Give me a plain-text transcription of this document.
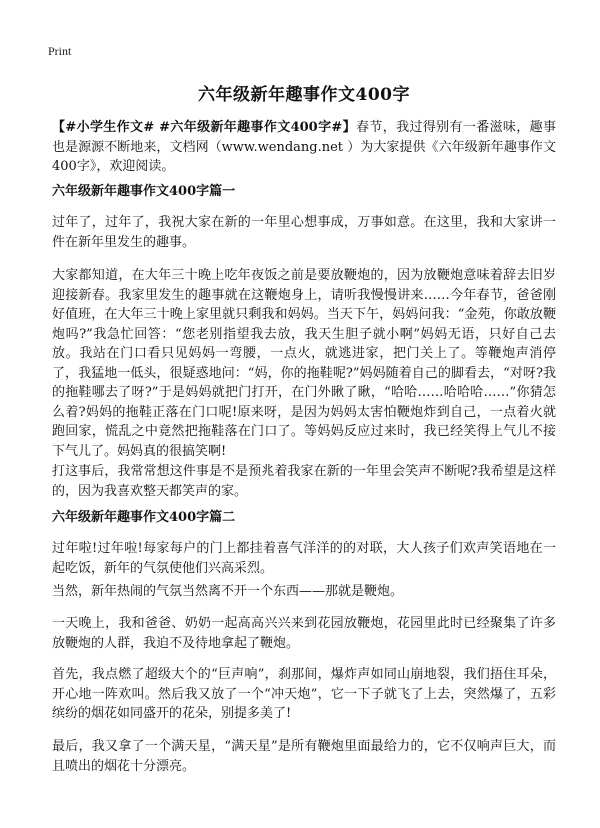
Print
六年级新年趣事作文400字

【#小学生作文# #六年级新年趣事作文400字#】春节，我过得别有一番滋味，趣事也是源源不断地来，文档网（www.wendang.net ）为大家提供《六年级新年趣事作文400字》，欢迎阅读。

六年级新年趣事作文400字篇一

过年了，过年了，我祝大家在新的一年里心想事成，万事如意。在这里，我和大家讲一件在新年里发生的趣事。

大家都知道，在大年三十晚上吃年夜饭之前是要放鞭炮的，因为放鞭炮意味着辞去旧岁迎接新春。我家里发生的趣事就在这鞭炮身上，请听我慢慢讲来……今年春节，爸爸刚好值班，在大年三十晚上家里就只剩我和妈妈。当天下午，妈妈问我：“金苑，你敢放鞭炮吗?”我急忙回答：“您老别指望我去放，我天生胆子就小啊”妈妈无语，只好自己去放。我站在门口看只见妈妈一弯腰，一点火，就逃进家，把门关上了。等鞭炮声消停了，我猛地一低头，很疑惑地问：“妈，你的拖鞋呢?”妈妈随着自己的脚看去，“对呀?我的拖鞋哪去了呀?”于是妈妈就把门打开，在门外瞅了瞅，“哈哈……哈哈哈……”你猜怎么着?妈妈的拖鞋正落在门口呢!原来呀，是因为妈妈太害怕鞭炮炸到自己，一点着火就跑回家，慌乱之中竟然把拖鞋落在门口了。等妈妈反应过来时，我已经笑得上气儿不接下气儿了。妈妈真的很搞笑啊!

打这事后，我常常想这件事是不是预兆着我家在新的一年里会笑声不断呢?我希望是这样的，因为我喜欢整天都笑声的家。

六年级新年趣事作文400字篇二

过年啦!过年啦!每家每户的门上都挂着喜气洋洋的的对联，大人孩子们欢声笑语地在一起吃饭，新年的气氛使他们兴高采烈。

当然，新年热闹的气氛当然离不开一个东西——那就是鞭炮。

一天晚上，我和爸爸、奶奶一起高高兴兴来到花园放鞭炮，花园里此时已经聚集了许多放鞭炮的人群，我迫不及待地拿起了鞭炮。

首先，我点燃了超级大个的“巨声响”，刹那间，爆炸声如同山崩地裂，我们捂住耳朵，开心地一阵欢叫。然后我又放了一个“冲天炮”，它一下子就飞了上去，突然爆了，五彩缤纷的烟花如同盛开的花朵，别提多美了!

最后，我又拿了一个满天星，“满天星”是所有鞭炮里面最给力的，它不仅响声巨大，而且喷出的烟花十分漂亮。
